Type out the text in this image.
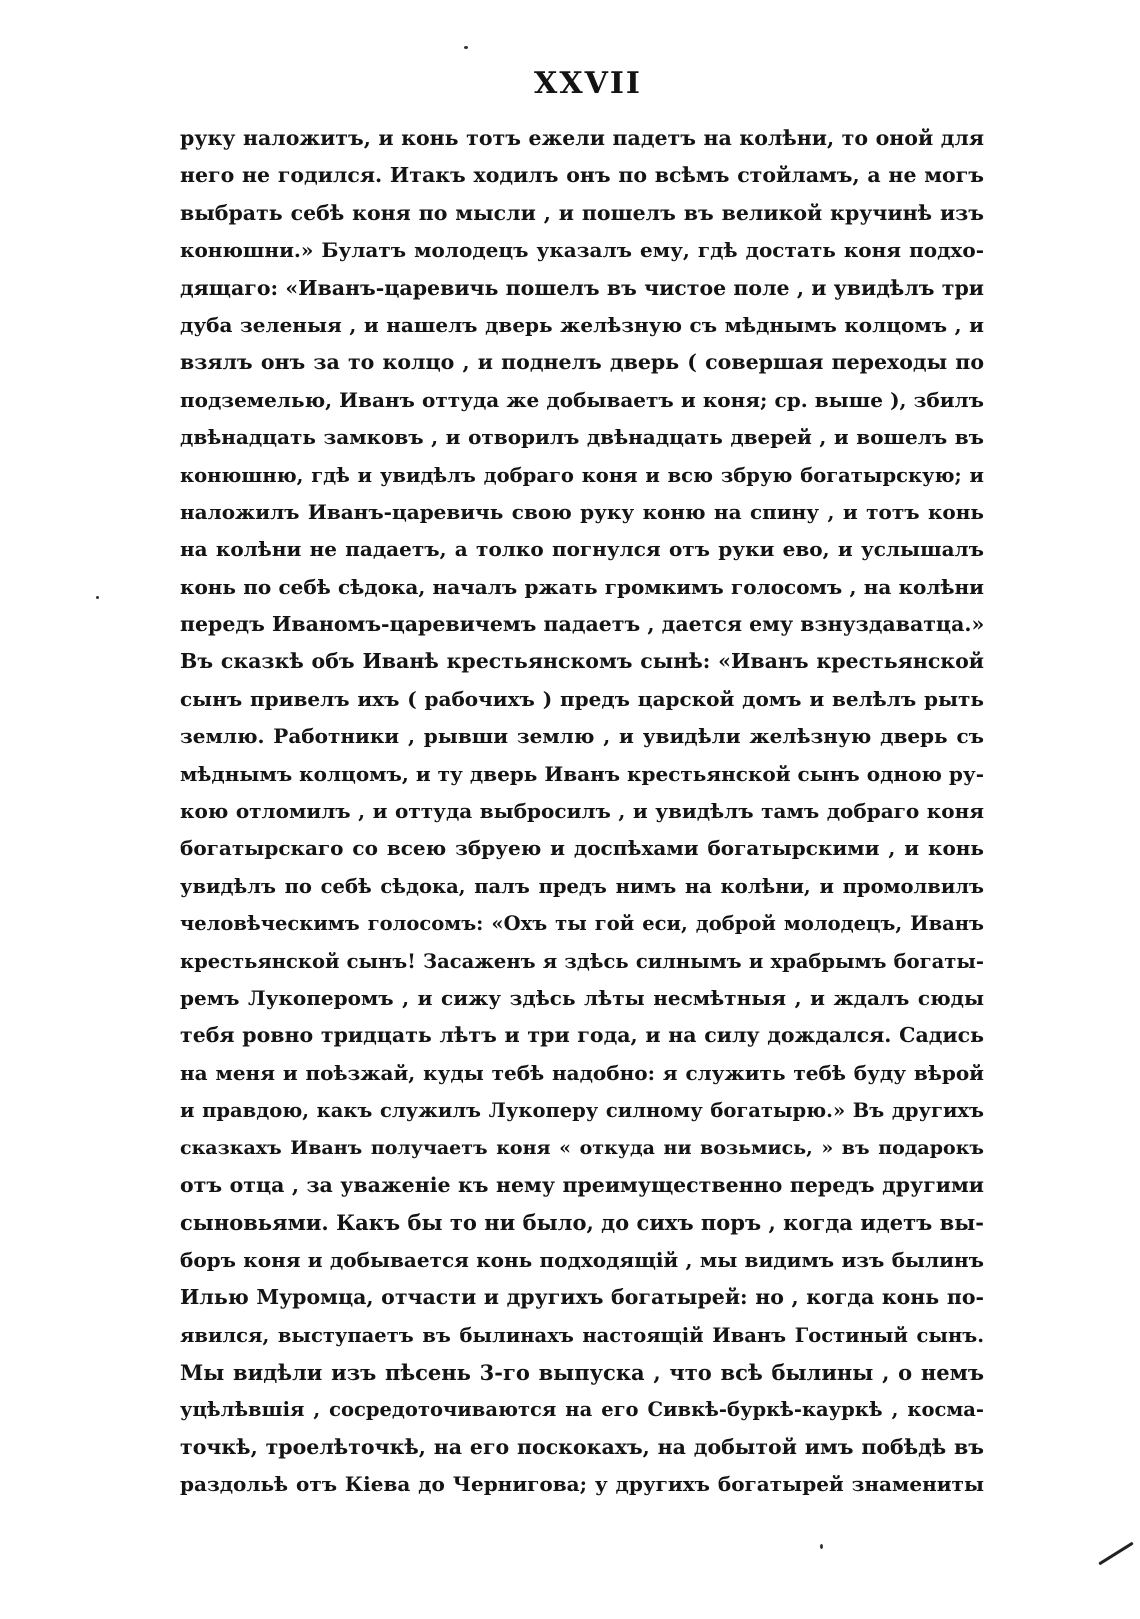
XXVII
руку наложитъ, и конь тотъ ежели падетъ на колѣни, то оной для
него не годился. Итакъ ходилъ онъ по всѣмъ стойламъ, а не могъ
выбрать себѣ коня по мысли , и пошелъ въ великой кручинѣ изъ
конюшни.» Булатъ молодецъ указалъ ему, гдѣ достать коня подхо-
дящаго: «Иванъ-царевичь пошелъ въ чистое поле , и увидѣлъ три
дуба зеленыя , и нашелъ дверь желѣзную съ мѣднымъ колцомъ , и
взялъ онъ за то колцо , и поднелъ дверь ( совершая переходы по
подземелью, Иванъ оттуда же добываетъ и коня; ср. выше ), збилъ
двѣнадцать замковъ , и отворилъ двѣнадцать дверей , и вошелъ въ
конюшню, гдѣ и увидѣлъ добраго коня и всю збрую богатырскую; и
наложилъ Иванъ-царевичь свою руку коню на спину , и тотъ конь
на колѣни не падаетъ, а толко погнулся отъ руки ево, и услышалъ
конь по себѣ сѣдока, началъ ржать громкимъ голосомъ , на колѣни
передъ Иваномъ-царевичемъ падаетъ , дается ему взнуздаватца.»
Въ сказкѣ объ Иванѣ крестьянскомъ сынѣ: «Иванъ крестьянской
сынъ привелъ ихъ ( рабочихъ ) предъ царской домъ и велѣлъ рыть
землю. Работники , рывши землю , и увидѣли желѣзную дверь съ
мѣднымъ колцомъ, и ту дверь Иванъ крестьянской сынъ одною ру-
кою отломилъ , и оттуда выбросилъ , и увидѣлъ тамъ добраго коня
богатырскаго со всею збруею и доспѣхами богатырскими , и конь
увидѣлъ по себѣ сѣдока, палъ предъ нимъ на колѣни, и промолвилъ
человѣческимъ голосомъ: «Охъ ты гой еси, доброй молодецъ, Иванъ
крестьянской сынъ! Засаженъ я здѣсь силнымъ и храбрымъ богаты-
ремъ Лукоперомъ , и сижу здѣсь лѣты несмѣтныя , и ждалъ сюды
тебя ровно тридцать лѣтъ и три года, и на силу дождался. Садись
на меня и поѣзжай, куды тебѣ надобно: я служить тебѣ буду вѣрой
и правдою, какъ служилъ Лукоперу силному богатырю.» Въ другихъ
сказкахъ Иванъ получаетъ коня « откуда ни возьмись, » въ подарокъ
отъ отца , за уваженіе къ нему преимущественно передъ другими
сыновьями. Какъ бы то ни было, до сихъ поръ , когда идетъ вы-
боръ коня и добывается конь подходящій , мы видимъ изъ былинъ
Илью Муромца, отчасти и другихъ богатырей: но , когда конь по-
явился, выступаетъ въ былинахъ настоящій Иванъ Гостиный сынъ.
Мы видѣли изъ пѣсень 3-го выпуска , что всѣ былины , о немъ
уцѣлѣвшія , сосредоточиваются на его Сивкѣ-буркѣ-кауркѣ , косма-
точкѣ, троелѣточкѣ, на его поскокахъ, на добытой имъ побѣдѣ въ
раздольѣ отъ Кіева до Чернигова; у другихъ богатырей знамениты
